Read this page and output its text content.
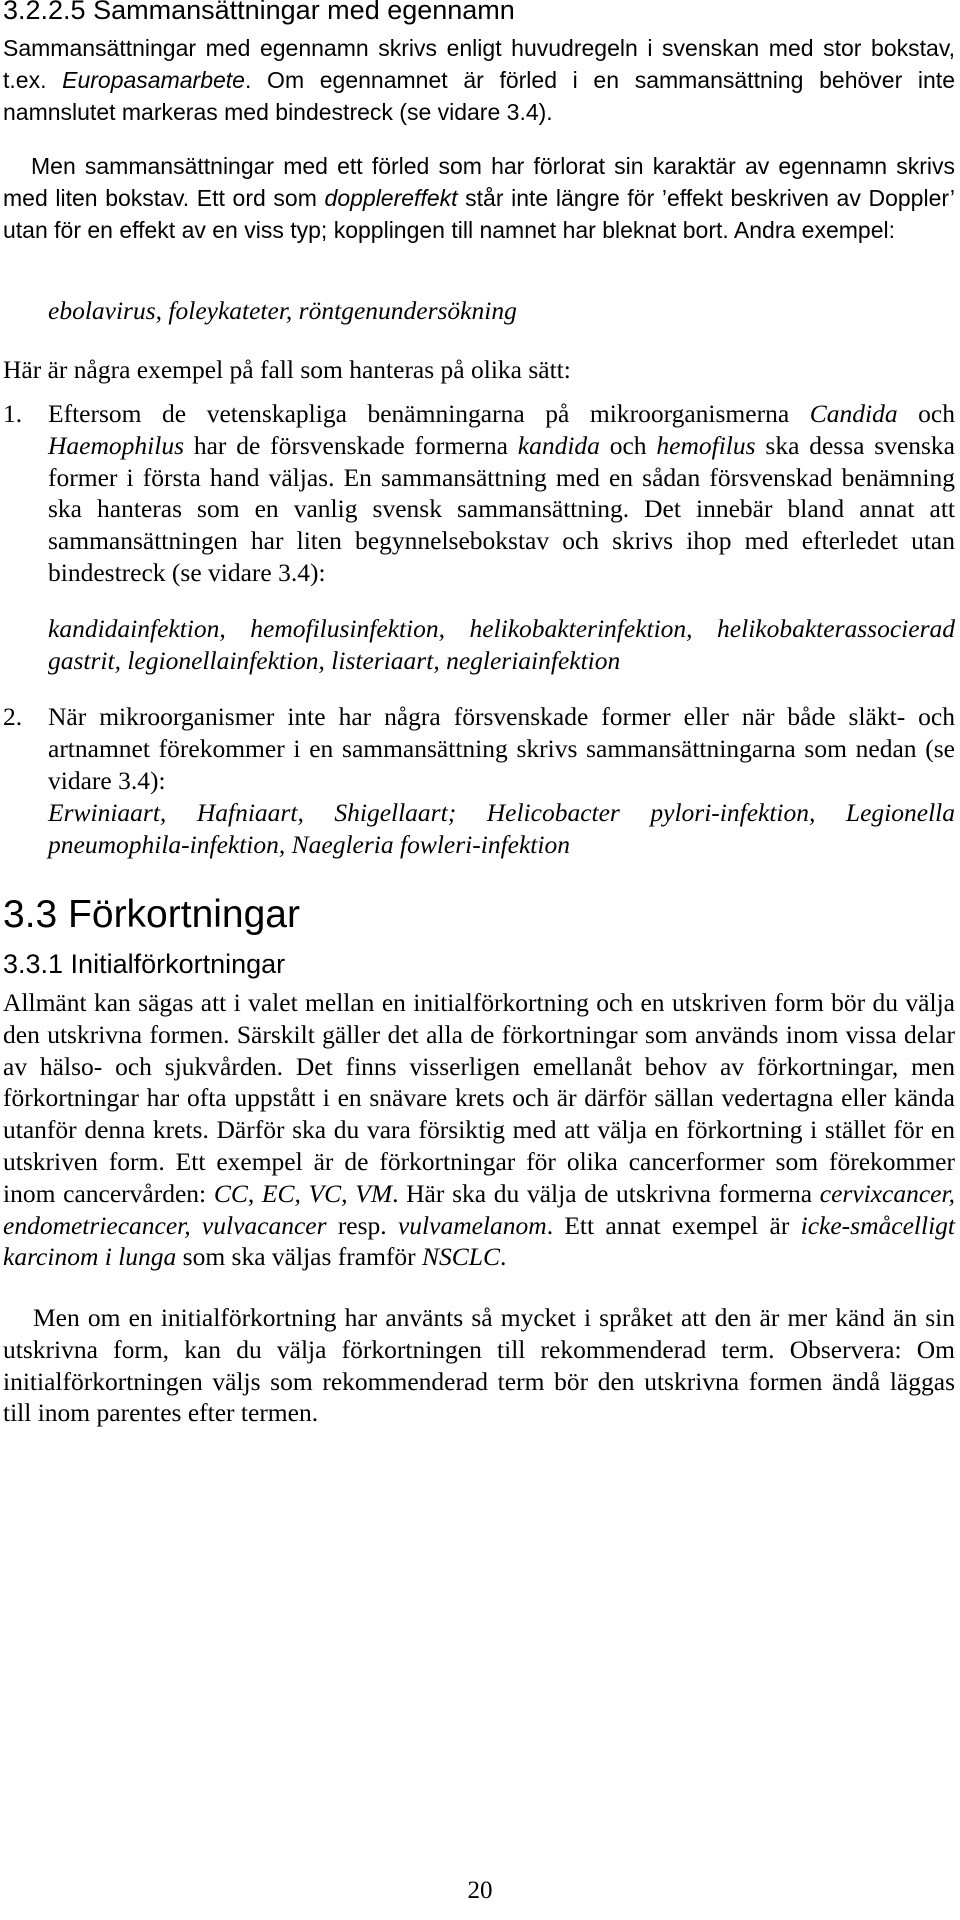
3.2.2.5 Sammansättningar med egennamn

Sammansättningar med egennamn skrivs enligt huvudregeln i svenskan med stor bokstav, t.ex. Europasamarbete. Om egennamnet är förled i en sammansättning behöver inte namnslutet markeras med bindestreck (se vidare 3.4).

Men sammansättningar med ett förled som har förlorat sin karaktär av egennamn skrivs med liten bokstav. Ett ord som dopplereffekt står inte längre för ’effekt beskriven av Doppler’ utan för en effekt av en viss typ; kopplingen till namnet har bleknat bort. Andra exempel:

ebolavirus, foleykateter, röntgenundersökning

Här är några exempel på fall som hanteras på olika sätt:

1. Eftersom de vetenskapliga benämningarna på mikroorganismerna Candida och Haemophilus har de försvenskade formerna kandida och hemofilus ska dessa svenska former i första hand väljas. En sammansättning med en sådan försvenskad benämning ska hanteras som en vanlig svensk sammansättning. Det innebär bland annat att sammansättningen har liten begynnelsebokstav och skrivs ihop med efterledet utan bindestreck (se vidare 3.4):

kandidainfektion, hemofilusinfektion, helikobakterinfektion, helikobakterassocierad gastrit, legionellainfektion, listeriaart, negleriainfektion

2. När mikroorganismer inte har några försvenskade former eller när både släkt- och artnamnet förekommer i en sammansättning skrivs sammansättningarna som nedan (se vidare 3.4):

Erwiniaart, Hafniaart, Shigellaart; Helicobacter pylori-infektion, Legionella pneumophila-infektion, Naegleria fowleri-infektion

3.3 Förkortningar
3.3.1 Initialförkortningar

Allmänt kan sägas att i valet mellan en initialförkortning och en utskriven form bör du välja den utskrivna formen. Särskilt gäller det alla de förkortningar som används inom vissa delar av hälso- och sjukvården. Det finns visserligen emellanåt behov av förkortningar, men förkortningar har ofta uppstått i en snävare krets och är därför sällan vedertagna eller kända utanför denna krets. Därför ska du vara försiktig med att välja en förkortning i stället för en utskriven form. Ett exempel är de förkortningar för olika cancerformer som förekommer inom cancervården: CC, EC, VC, VM. Här ska du välja de utskrivna formerna cervixcancer, endometriecancer, vulvacancer resp. vulvamelanom. Ett annat exempel är icke-småcelligt karcinom i lunga som ska väljas framför NSCLC.

Men om en initialförkortning har använts så mycket i språket att den är mer känd än sin utskrivna form, kan du välja förkortningen till rekommenderad term. Observera: Om initialförkortningen väljs som rekommenderad term bör den utskrivna formen ändå läggas till inom parentes efter termen.

20
